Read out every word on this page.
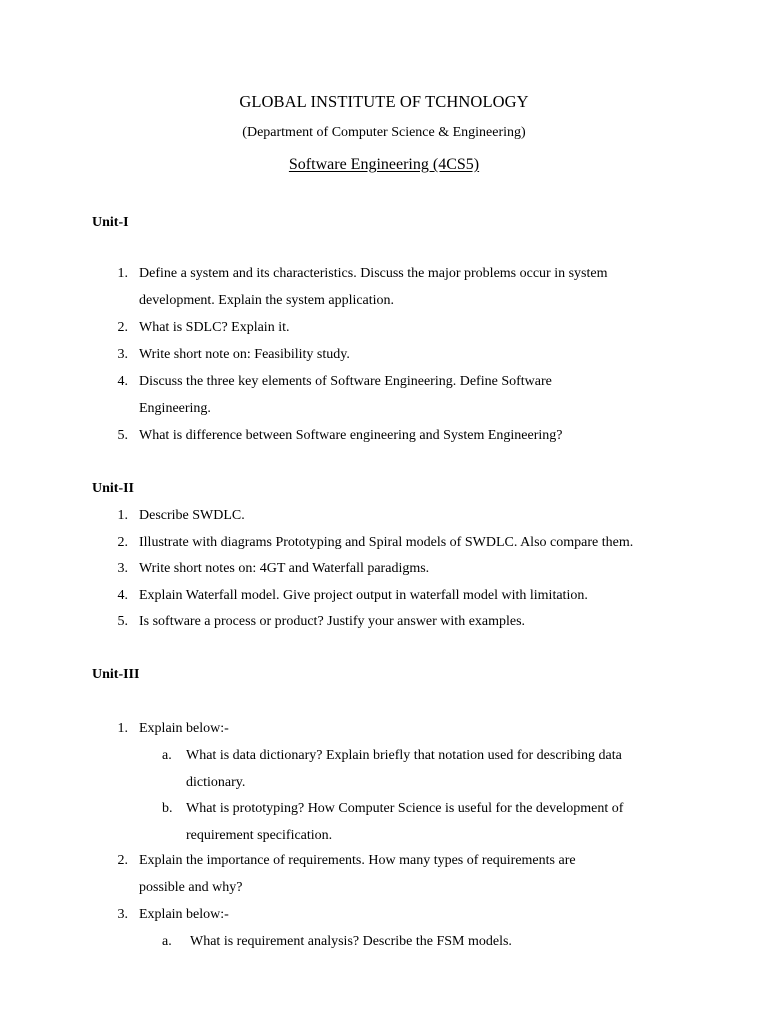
GLOBAL INSTITUTE OF TCHNOLOGY
(Department of Computer Science & Engineering)
Software Engineering (4CS5)
Unit-I
1. Define a system and its characteristics. Discuss the major problems occur in system
development. Explain the system application.
2. What is SDLC? Explain it.
3. Write short note on: Feasibility study.
4. Discuss the three key elements of Software Engineering. Define Software
Engineering.
5. What is difference between Software engineering and System Engineering?
Unit-II
1. Describe SWDLC.
2. Illustrate with diagrams Prototyping and Spiral models of SWDLC. Also compare them.
3. Write short notes on: 4GT and Waterfall paradigms.
4. Explain Waterfall model. Give project output in waterfall model with limitation.
5. Is software a process or product? Justify your answer with examples.
Unit-III
1. Explain below:-
a. What is data dictionary? Explain briefly that notation used for describing data
dictionary.
b. What is prototyping? How Computer Science is useful for the development of
requirement specification.
2. Explain the importance of requirements. How many types of requirements are
possible and why?
3. Explain below:-
a. What is requirement analysis? Describe the FSM models.
